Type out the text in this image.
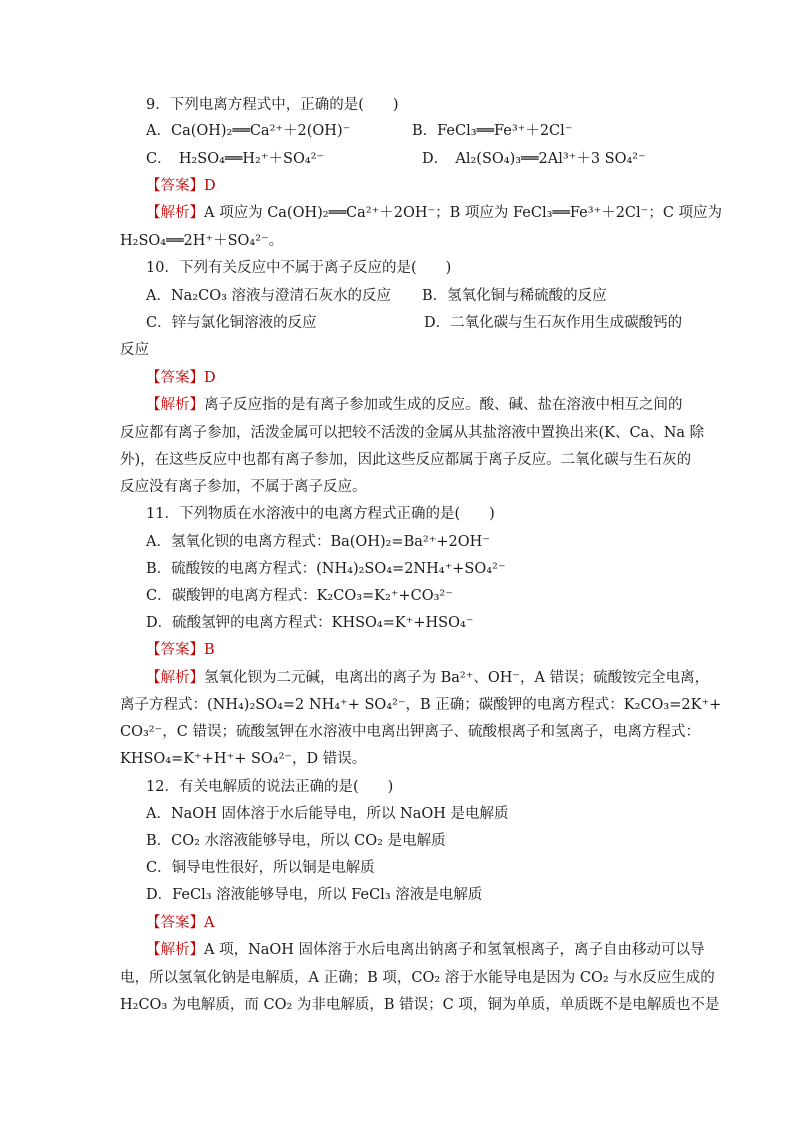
9．下列电离方程式中，正确的是(　　)
A．Ca(OH)₂══Ca²⁺＋2(OH)⁻	B．FeCl₃══Fe³⁺＋2Cl⁻
C．　H₂SO₄══H₂⁺＋SO₄²⁻	D．　Al₂(SO₄)₃══2Al³⁺＋3 SO₄²⁻
【答案】D
【解析】A 项应为 Ca(OH)₂══Ca²⁺＋2OH⁻；B 项应为 FeCl₃══Fe³⁺＋2Cl⁻；C 项应为
H₂SO₄══2H⁺＋SO₄²⁻。
10．下列有关反应中不属于离子反应的是(　　)
A．Na₂CO₃ 溶液与澄清石灰水的反应 B．氢氧化铜与稀硫酸的反应
C．锌与氯化铜溶液的反应	D．二氧化碳与生石灰作用生成碳酸钙的
反应
【答案】D
【解析】离子反应指的是有离子参加或生成的反应。酸、碱、盐在溶液中相互之间的
反应都有离子参加，活泼金属可以把较不活泼的金属从其盐溶液中置换出来(K、Ca、Na 除
外)，在这些反应中也都有离子参加，因此这些反应都属于离子反应。二氧化碳与生石灰的
反应没有离子参加，不属于离子反应。
11．下列物质在水溶液中的电离方程式正确的是(　　)
A．氢氧化钡的电离方程式：Ba(OH)₂=Ba²⁺+2OH⁻
B．硫酸铵的电离方程式：(NH₄)₂SO₄=2NH₄⁺+SO₄²⁻
C．碳酸钾的电离方程式：K₂CO₃=K₂⁺+CO₃²⁻
D．硫酸氢钾的电离方程式：KHSO₄=K⁺+HSO₄⁻
【答案】B
【解析】氢氧化钡为二元碱，电离出的离子为 Ba²⁺、OH⁻，A 错误；硫酸铵完全电离，
离子方程式：(NH₄)₂SO₄=2 NH₄⁺+ SO₄²⁻，B 正确；碳酸钾的电离方程式：K₂CO₃=2K⁺+
CO₃²⁻，C 错误；硫酸氢钾在水溶液中电离出钾离子、硫酸根离子和氢离子，电离方程式：
KHSO₄=K⁺+H⁺+ SO₄²⁻，D 错误。
12．有关电解质的说法正确的是(　　)
A．NaOH 固体溶于水后能导电，所以 NaOH 是电解质
B．CO₂ 水溶液能够导电，所以 CO₂ 是电解质
C．铜导电性很好，所以铜是电解质
D．FeCl₃ 溶液能够导电，所以 FeCl₃ 溶液是电解质
【答案】A
【解析】A 项，NaOH 固体溶于水后电离出钠离子和氢氧根离子，离子自由移动可以导
电，所以氢氧化钠是电解质，A 正确；B 项，CO₂ 溶于水能导电是因为 CO₂ 与水反应生成的
H₂CO₃ 为电解质，而 CO₂ 为非电解质，B 错误；C 项，铜为单质，单质既不是电解质也不是
